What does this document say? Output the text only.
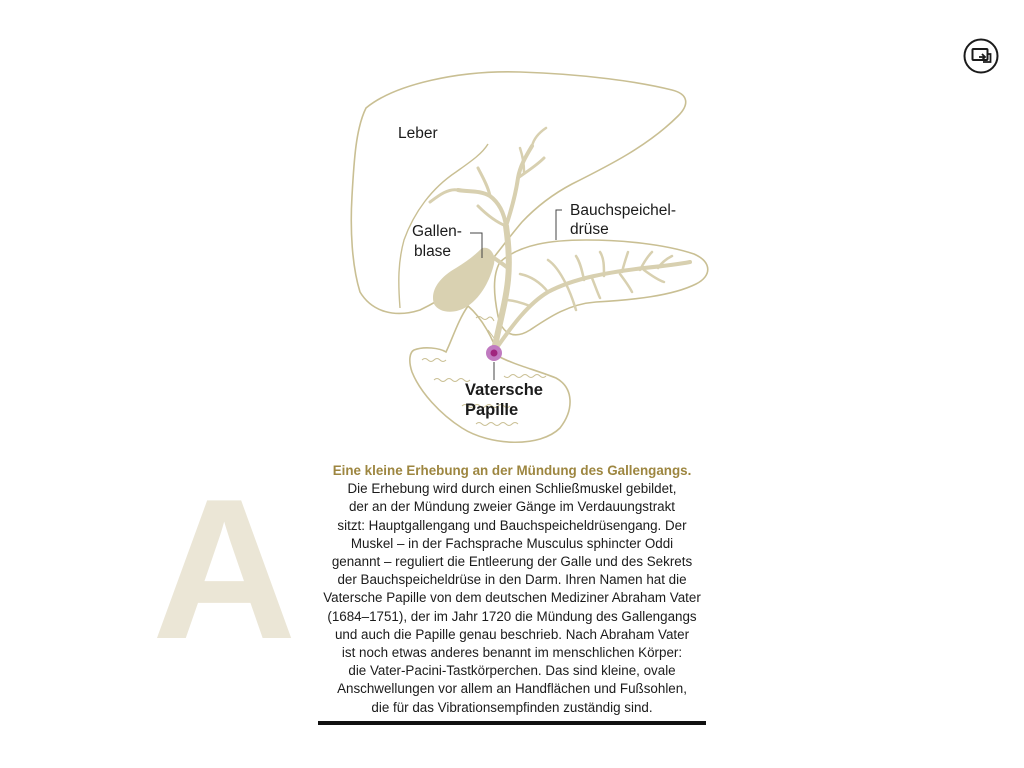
A
Leber
Gallen-
blase
Bauchspeichel-
drüse
Vatersche
Papille
Eine kleine Erhebung an der Mündung des Gallengangs.
Die Erhebung wird durch einen Schließmuskel gebildet,
der an der Mündung zweier Gänge im Verdauungstrakt
sitzt: Hauptgallengang und Bauchspeicheldrüsengang. Der
Muskel – in der Fachsprache Musculus sphincter Oddi
genannt – reguliert die Entleerung der Galle und des Sekrets
der Bauchspeicheldrüse in den Darm. Ihren Namen hat die
Vatersche Papille von dem deutschen Mediziner Abraham Vater
(1684–1751), der im Jahr 1720 die Mündung des Gallengangs
und auch die Papille genau beschrieb. Nach Abraham Vater
ist noch etwas anderes benannt im menschlichen Körper:
die Vater-Pacini-Tastkörperchen. Das sind kleine, ovale
Anschwellungen vor allem an Handflächen und Fußsohlen,
die für das Vibrationsempfinden zuständig sind.
